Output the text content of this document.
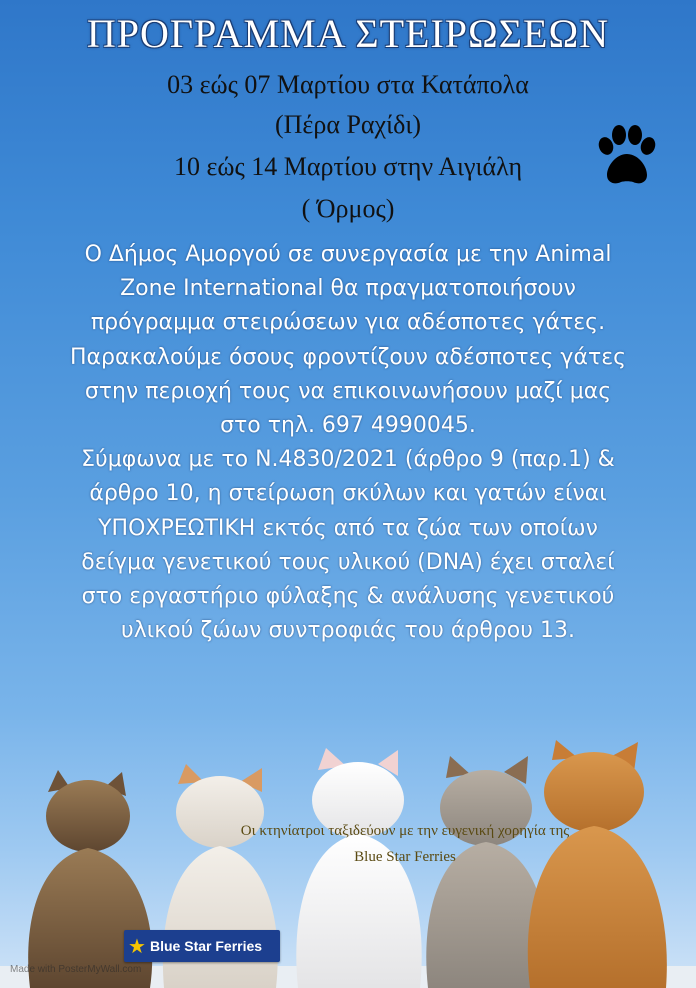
ΠΡΟΓΡΑΜΜΑ ΣΤΕΙΡΩΣΕΩΝ
03 εώς 07 Μαρτίου στα Κατάπολα
(Πέρα Ραχίδι)
10 εώς 14 Μαρτίου στην Αιγιάλη
( Όρμος)

Ο Δήμος Αμοργού σε συνεργασία με την Animal

Zone International θα πραγματοποιήσουν

πρόγραμμα στειρώσεων για αδέσποτες γάτες.

Παρακαλούμε όσους φροντίζουν αδέσποτες γάτες

στην περιοχή τους να επικοινωνήσουν μαζί μας

στο τηλ. 697 4990045.

Σύμφωνα με το Ν.4830/2021 (άρθρο 9 (παρ.1) &

άρθρο 10, η στείρωση σκύλων και γατών είναι

ΥΠΟΧΡΕΩΤΙΚΗ εκτός από τα ζώα των οποίων

δείγμα γενετικού τους υλικού (DNA) έχει σταλεί

στο εργαστήριο φύλαξης & ανάλυσης γενετικού

υλικού ζώων συντροφιάς του άρθρου 13.

Οι κτηνίατροι ταξιδεύουν με την ευγενική χορηγία της
Blue Star Ferries
★ Blue Star Ferries
Made with PosterMyWall.com
